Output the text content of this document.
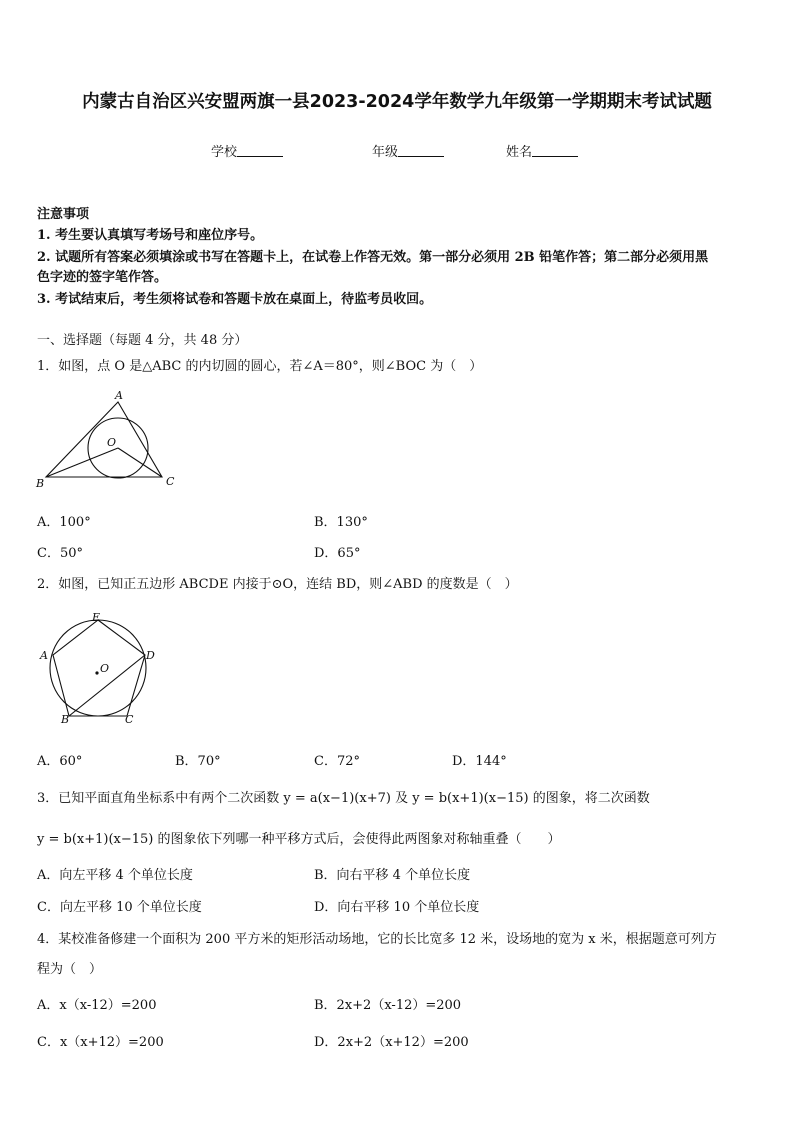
内蒙古自治区兴安盟两旗一县2023-2024学年数学九年级第一学期期末考试试题
学校	年级	姓名
注意事项
1. 考生要认真填写考场号和座位序号。
2. 试题所有答案必须填涂或书写在答题卡上，在试卷上作答无效。第一部分必须用 2B 铅笔作答；第二部分必须用黑
色字迹的签字笔作答。
3. 考试结束后，考生须将试卷和答题卡放在桌面上，待监考员收回。
一、选择题（每题 4 分，共 48 分）
1．如图，点 O 是△ABC 的内切圆的圆心，若∠A＝80°，则∠BOC 为（　）
A
O
B	C
A．100°	B．130°
C．50°	D．65°
2．如图，已知正五边形 ABCDE 内接于⊙O，连结 BD，则∠ABD 的度数是（　）
E
A	D
O
B	C
A．60°	B．70°	C．72°	D．144°
3．已知平面直角坐标系中有两个二次函数 y = a(x−1)(x+7) 及 y = b(x+1)(x−15) 的图象，将二次函数
y = b(x+1)(x−15) 的图象依下列哪一种平移方式后，会使得此两图象对称轴重叠（　　）
A．向左平移 4 个单位长度	B．向右平移 4 个单位长度
C．向左平移 10 个单位长度	D．向右平移 10 个单位长度
4．某校准备修建一个面积为 200 平方米的矩形活动场地，它的长比宽多 12 米，设场地的宽为 x 米，根据题意可列方
程为（　）
A．x（x-12）=200	B．2x+2（x-12）=200
C．x（x+12）=200	D．2x+2（x+12）=200
